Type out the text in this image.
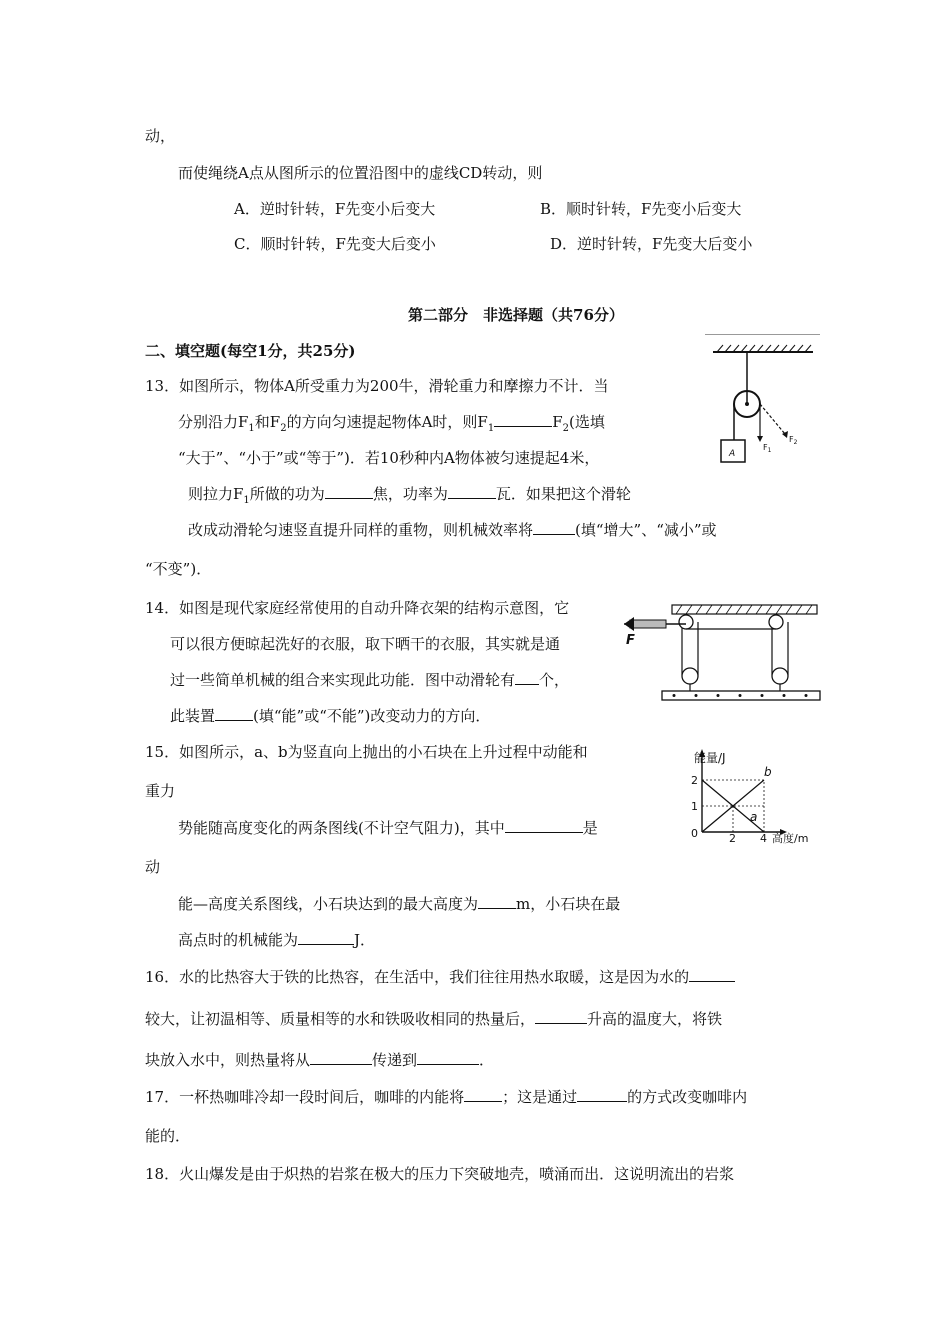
动，
而使绳绕A点从图所示的位置沿图中的虚线CD转动，则
A．逆时针转，F先变小后变大	B．顺时针转，F先变小后变大
C．顺时针转，F先变大后变小	D．逆时针转，F先变大后变小
第二部分　非选择题（共76分）
二、填空题(每空1分，共25分)
13．如图所示，物体A所受重力为200牛，滑轮重力和摩擦力不计．当
分别沿力$F_1$和$F_2$的方向匀速提起物体A时，则$F_1$	$F_2$(选填
“大于”、“小于”或“等于”)．若10秒种内A物体被匀速提起4米，
则拉力$F_1$所做的功为	焦，功率为	瓦．如果把这个滑轮
改成动滑轮匀速竖直提升同样的重物，则机械效率将	(填“增大”、“减小”或
“不变”)．
A
$F_1$
$F_2$
14．如图是现代家庭经常使用的自动升降衣架的结构示意图，它
可以很方便晾起洗好的衣服，取下晒干的衣服，其实就是通
过一些简单机械的组合来实现此功能．图中动滑轮有 个，
此装置	(填“能”或“不能”)改变动力的方向．
F
15．如图所示，a、b为竖直向上抛出的小石块在上升过程中动能和
重力
势能随高度变化的两条图线(不计空气阻力)，其中	是
动
能—高度关系图线，小石块达到的最大高度为	m，小石块在最
高点时的机械能为	J．
能量/J
高度/m
2
1
0	2 4
b
a
16．水的比热容大于铁的比热容，在生活中，我们往往用热水取暖，这是因为水的
较大，让初温相等、质量相等的水和铁吸收相同的热量后，	升高的温度大，将铁
块放入水中，则热量将从	传递到	．
17．一杯热咖啡冷却一段时间后，咖啡的内能将	；这是通过	的方式改变咖啡内
能的．
18．火山爆发是由于炽热的岩浆在极大的压力下突破地壳，喷涌而出．这说明流出的岩浆
